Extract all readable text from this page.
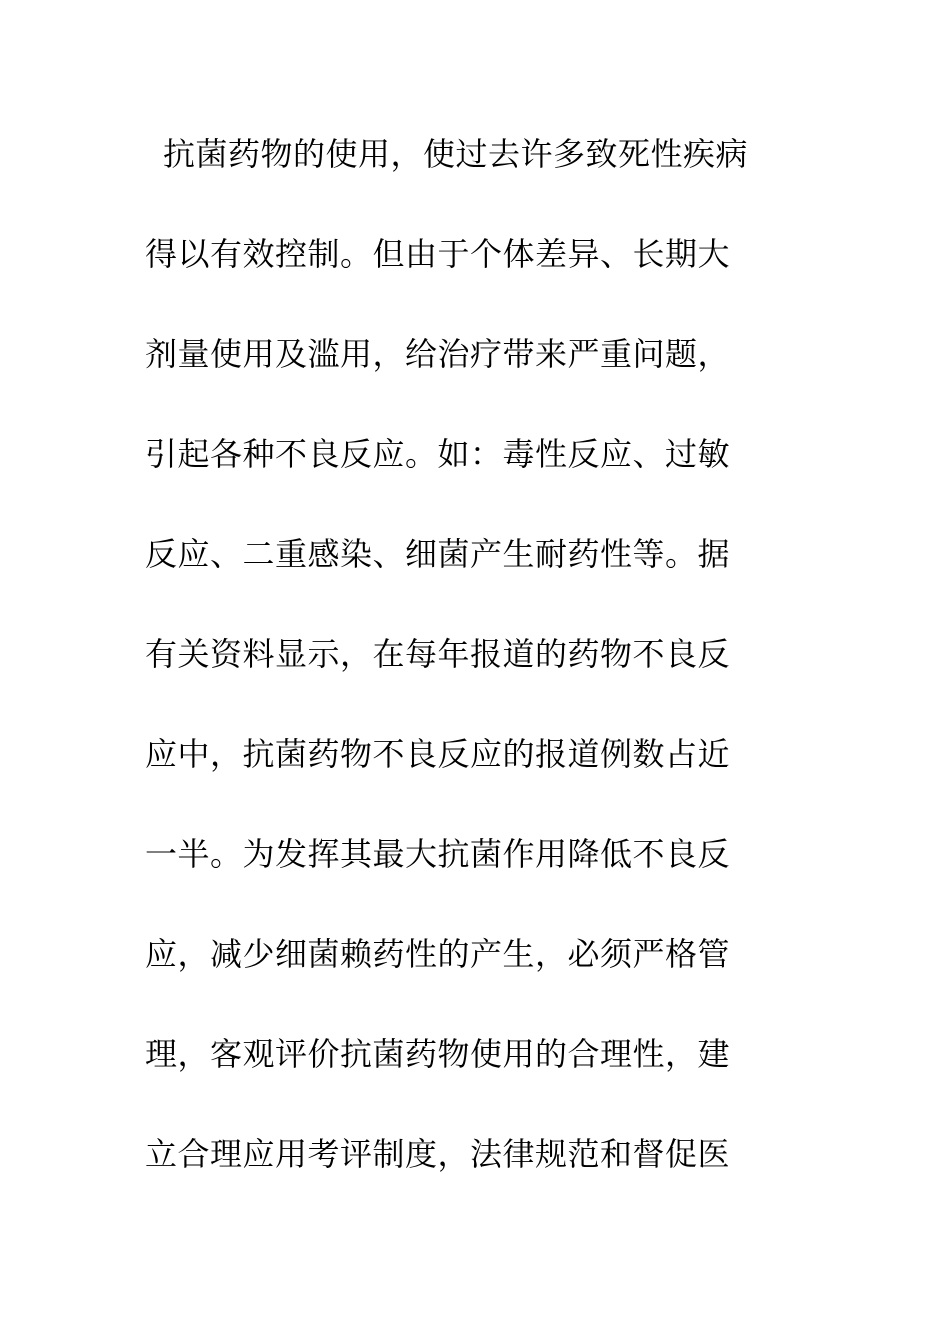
抗菌药物的使用，使过去许多致死性疾病
得以有效控制。但由于个体差异、长期大
剂量使用及滥用，给治疗带来严重问题，
引起各种不良反应。如：毒性反应、过敏
反应、二重感染、细菌产生耐药性等。据
有关资料显示，在每年报道的药物不良反
应中，抗菌药物不良反应的报道例数占近
一半。为发挥其最大抗菌作用降低不良反
应，减少细菌赖药性的产生，必须严格管
理，客观评价抗菌药物使用的合理性，建
立合理应用考评制度，法律规范和督促医
